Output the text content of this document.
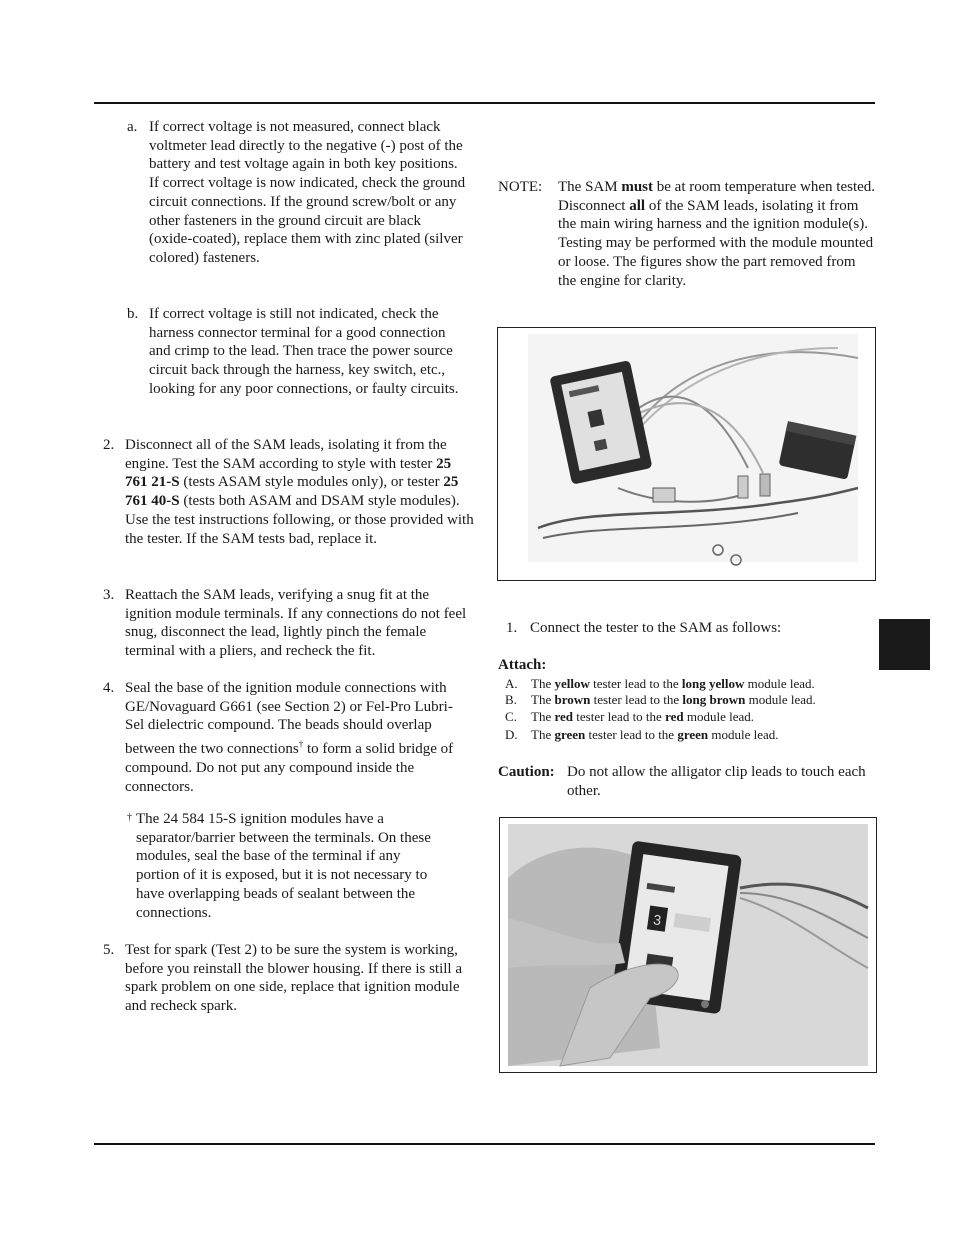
a. If correct voltage is not measured, connect black voltmeter lead directly to the negative (-) post of the battery and test voltage again in both key positions. If correct voltage is now indicated, check the ground circuit connections. If the ground screw/bolt or any other fasteners in the ground circuit are black (oxide-coated), replace them with zinc plated (silver colored) fasteners.

b. If correct voltage is still not indicated, check the harness connector terminal for a good connection and crimp to the lead. Then trace the power source circuit back through the harness, key switch, etc., looking for any poor connections, or faulty circuits.

2. Disconnect all of the SAM leads, isolating it from the engine. Test the SAM according to style with tester 25 761 21-S (tests ASAM style modules only), or tester 25 761 40-S (tests both ASAM and DSAM style modules). Use the test instructions following, or those provided with the tester. If the SAM tests bad, replace it.

3. Reattach the SAM leads, verifying a snug fit at the ignition module terminals. If any connections do not feel snug, disconnect the lead, lightly pinch the female terminal with a pliers, and recheck the fit.

4. Seal the base of the ignition module connections with GE/Novaguard G661 (see Section 2) or Fel-Pro Lubri-Sel dielectric compound. The beads should overlap between the two connections† to form a solid bridge of compound. Do not put any compound inside the connectors.

† The 24 584 15-S ignition modules have a separator/barrier between the terminals. On these modules, seal the base of the terminal if any portion of it is exposed, but it is not necessary to have overlapping beads of sealant between the connections.

5. Test for spark (Test 2) to be sure the system is working, before you reinstall the blower housing. If there is still a spark problem on one side, replace that ignition module and recheck spark.

NOTE: The SAM must be at room temperature when tested. Disconnect all of the SAM leads, isolating it from the main wiring harness and the ignition module(s). Testing may be performed with the module mounted or loose. The figures show the part removed from the engine for clarity.

1. Connect the tester to the SAM as follows:

Attach:

A. The yellow tester lead to the long yellow module lead.

B. The brown tester lead to the long brown module lead.

C. The red tester lead to the red module lead.

D. The green tester lead to the green module lead.

Caution: Do not allow the alligator clip leads to touch each other.

3
